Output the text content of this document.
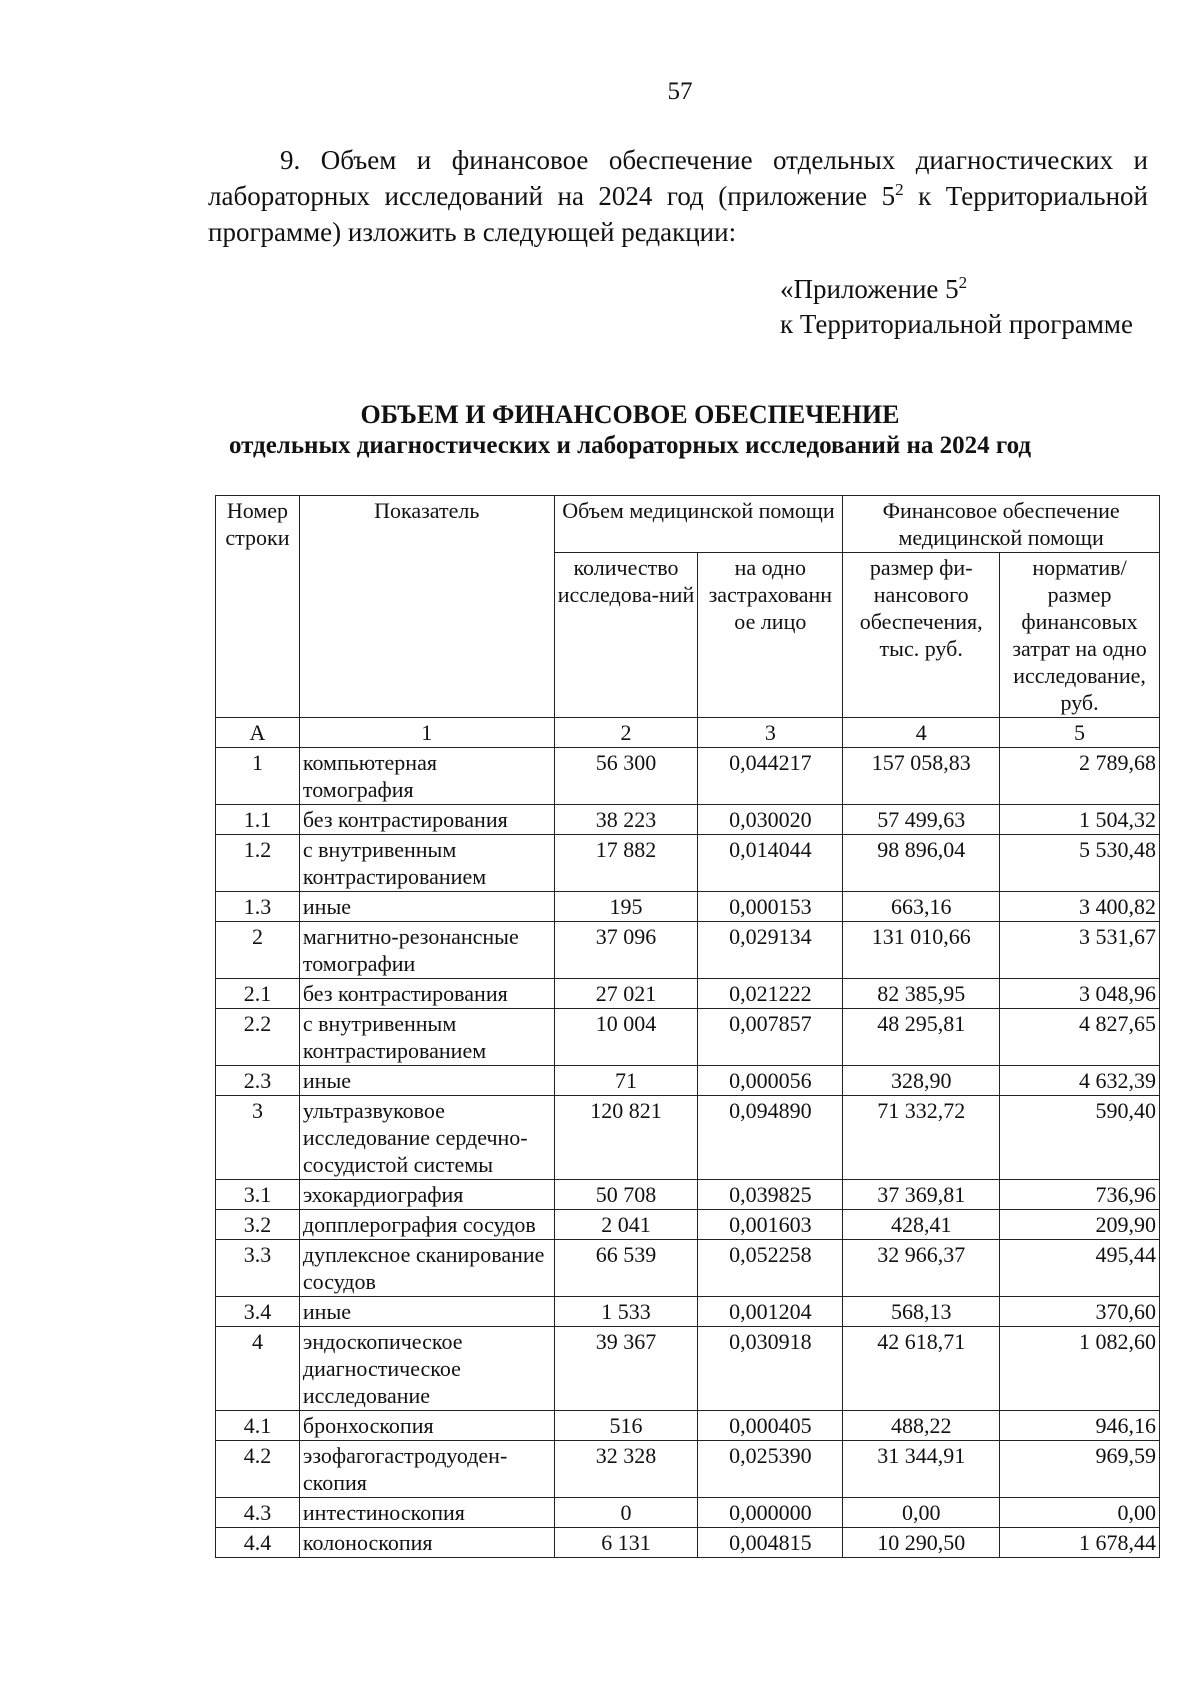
57

9. Объем и финансовое обеспечение отдельных диагностических и лабораторных исследований на 2024 год (приложение $5^2$ к Территориальной программе) изложить в следующей редакции:

«Приложение $5^2$
к Территориальной программе
ОБЪЕМ И ФИНАНСОВОЕ ОБЕСПЕЧЕНИЕ
отдельных диагностических и лабораторных исследований на 2024 год
Номер строки	Показатель	Объем медицинской помощи		Финансовое обеспечение медицинской помощи	
		количество исследова-ний	на одно застрахованн ое лицо	размер фи-нансового обеспечения, тыс. руб.	норматив/ размер финансовых затрат на одно исследование, руб.
А	1	2	3	4	5
1	компьютерная томография	56 300	0,044217	157 058,83	2 789,68
1.1	без контрастирования	38 223	0,030020	57 499,63	1 504,32
1.2	с внутривенным контрастированием	17 882	0,014044	98 896,04	5 530,48
1.3	иные	195	0,000153	663,16	3 400,82
2	магнитно-резонансные томографии	37 096	0,029134	131 010,66	3 531,67
2.1	без контрастирования	27 021	0,021222	82 385,95	3 048,96
2.2	с внутривенным контрастированием	10 004	0,007857	48 295,81	4 827,65
2.3	иные	71	0,000056	328,90	4 632,39
3	ультразвуковое исследование сердечно-сосудистой системы	120 821	0,094890	71 332,72	590,40
3.1	эхокардиография	50 708	0,039825	37 369,81	736,96
3.2	допплерография сосудов	2 041	0,001603	428,41	209,90
3.3	дуплексное сканирование сосудов	66 539	0,052258	32 966,37	495,44
3.4	иные	1 533	0,001204	568,13	370,60
4	эндоскопическое диагностическое исследование	39 367	0,030918	42 618,71	1 082,60
4.1	бронхоскопия	516	0,000405	488,22	946,16
4.2	эзофагогастродуоден-скопия	32 328	0,025390	31 344,91	969,59
4.3	интестиноскопия	0	0,000000	0,00	0,00
4.4	колоноскопия	6 131	0,004815	10 290,50	1 678,44
